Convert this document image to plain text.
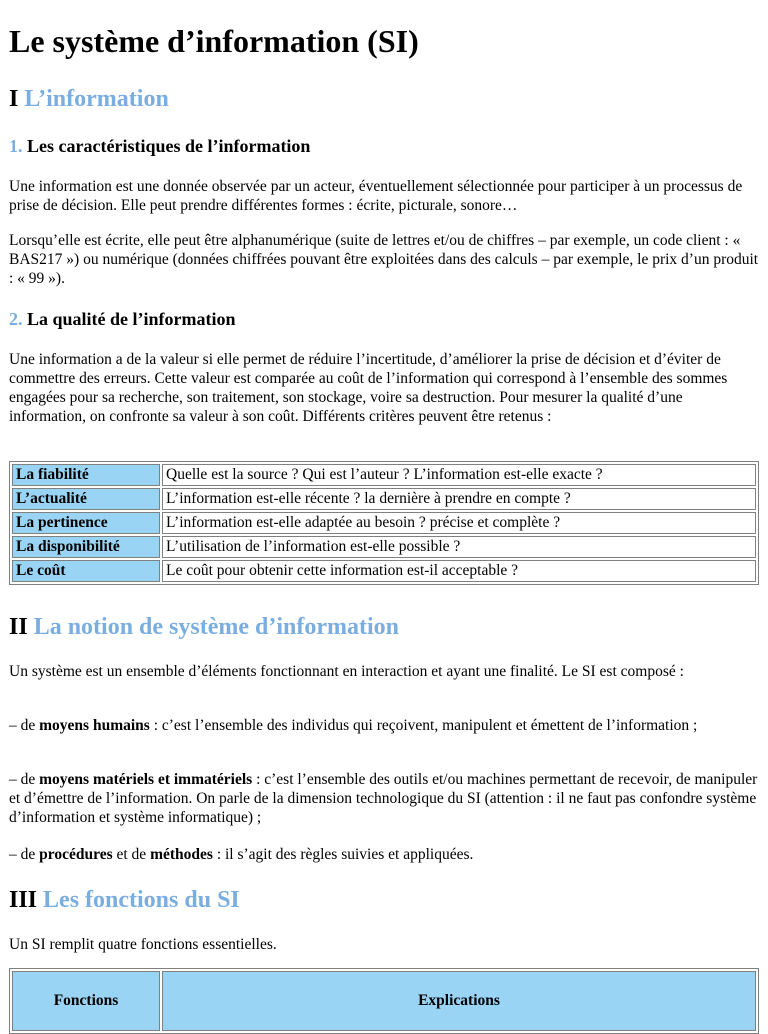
Le système d’information (SI)
I L’information
1. Les caractéristiques de l’information

Une information est une donnée observée par un acteur, éventuellement sélectionnée pour participer à un processus de prise de décision. Elle peut prendre différentes formes : écrite, picturale, sonore…

Lorsqu’elle est écrite, elle peut être alphanumérique (suite de lettres et/ou de chiffres – par exemple, un code client : « BAS217 ») ou numérique (données chiffrées pouvant être exploitées dans des calculs – par exemple, le prix d’un produit : « 99 »).

2. La qualité de l’information

Une information a de la valeur si elle permet de réduire l’incertitude, d’améliorer la prise de décision et d’éviter de commettre des erreurs. Cette valeur est comparée au coût de l’information qui correspond à l’ensemble des sommes engagées pour sa recherche, son traitement, son stockage, voire sa destruction. Pour mesurer la qualité d’une information, on confronte sa valeur à son coût. Différents critères peuvent être retenus :

La fiabilité	Quelle est la source ? Qui est l’auteur ? L’information est-elle exacte ?
L’actualité	L’information est-elle récente ? la dernière à prendre en compte ?
La pertinence	L’information est-elle adaptée au besoin ? précise et complète ?
La disponibilité	L’utilisation de l’information est-elle possible ?
Le coût	Le coût pour obtenir cette information est-il acceptable ?
II La notion de système d’information

Un système est un ensemble d’éléments fonctionnant en interaction et ayant une finalité. Le SI est composé :

– de moyens humains : c’est l’ensemble des individus qui reçoivent, manipulent et émettent de l’information ;

– de moyens matériels et immatériels : c’est l’ensemble des outils et/ou machines permettant de recevoir, de manipuler et d’émettre de l’information. On parle de la dimension technologique du SI (attention : il ne faut pas confondre système d’information et système informatique) ;

– de procédures et de méthodes : il s’agit des règles suivies et appliquées.

III Les fonctions du SI

Un SI remplit quatre fonctions essentielles.

Fonctions	Explications
